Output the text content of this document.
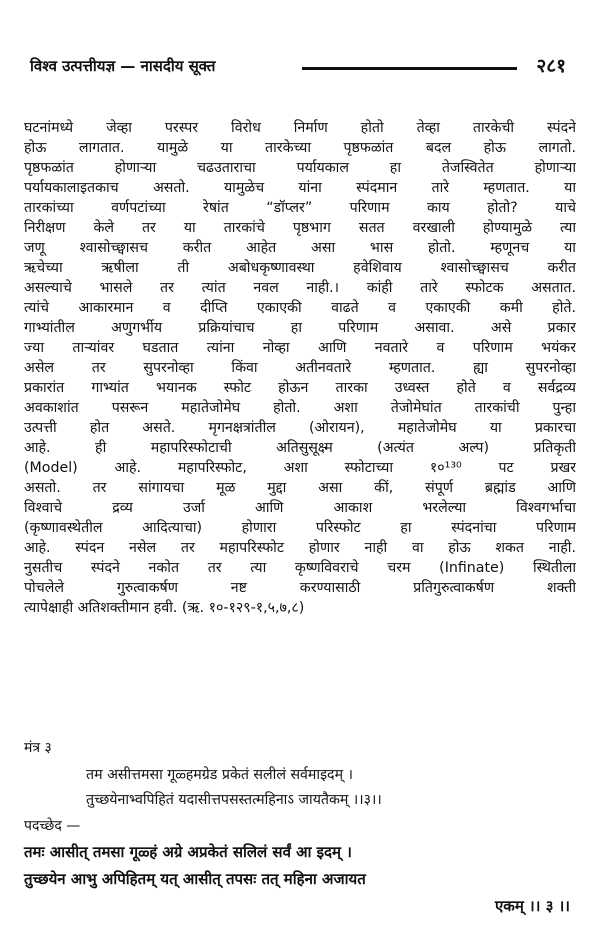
विश्व उत्पत्तीयज्ञ — नासदीय सूक्त	२८१
घटनांमध्ये जेव्हा परस्पर विरोध निर्माण होतो तेव्हा तारकेची स्पंदने
होऊ लागतात. यामुळे या तारकेच्या पृष्ठफळांत बदल होऊ लागतो.
पृष्ठफळांत होणाऱ्या चढउताराचा पर्यायकाल हा तेजस्वितेत होणाऱ्या
पर्यायकालाइतकाच असतो. यामुळेच यांना स्पंदमान तारे म्हणतात. या
तारकांच्या वर्णपटांच्या रेषांत “डॉप्लर” परिणाम काय होतो? याचे
निरीक्षण केले तर या तारकांचे पृष्ठभाग सतत वरखाली होण्यामुळे त्या
जणू श्वासोच्छ्वासच करीत आहेत असा भास होतो. म्हणूनच या
ऋचेच्या ऋषीला ती अबोधकृष्णावस्था हवेशिवाय श्वासोच्छ्वासच करीत
असल्याचे भासले तर त्यांत नवल नाही.। कांही तारे स्फोटक असतात.
त्यांचे आकारमान व दीप्ति एकाएकी वाढते व एकाएकी कमी होते.
गाभ्यांतील अणुगर्भीय प्रक्रियांचाच हा परिणाम असावा. असे प्रकार
ज्या ताऱ्यांवर घडतात त्यांना नोव्हा आणि नवतारे व परिणाम भयंकर
असेल तर सुपरनोव्हा किंवा अतीनवतारे म्हणतात. ह्या सुपरनोव्हा
प्रकारांत गाभ्यांत भयानक स्फोट होऊन तारका उध्वस्त होते व सर्वद्रव्य
अवकाशांत पसरून महातेजोमेघ होतो. अशा तेजोमेघांत तारकांची पुन्हा
उत्पत्ती होत असते. मृगनक्षत्रांतील (ओरायन), महातेजोमेघ या प्रकारचा
आहे. ही महापरिस्फोटाची अतिसुसूक्ष्म (अत्यंत अल्प) प्रतिकृती
(Model) आहे. महापरिस्फोट, अशा स्फोटाच्या १०¹³⁰ पट प्रखर
असतो. तर सांगायचा मूळ मुद्दा असा कीं, संपूर्ण ब्रह्मांड आणि
विश्वाचे द्रव्य उर्जा आणि आकाश भरलेल्या विश्वगर्भाचा
(कृष्णावस्थेतील आदित्याचा) होणारा परिस्फोट हा स्पंदनांचा परिणाम
आहे. स्पंदन नसेल तर महापरिस्फोट होणार नाही वा होऊ शकत नाही.
नुसतीच स्पंदने नकोत तर त्या कृष्णविवराचे चरम (Infinate) स्थितीला
पोचलेले गुरुत्वाकर्षण नष्ट करण्यासाठी प्रतिगुरुत्वाकर्षण शक्ती
त्यापेक्षाही अतिशक्तीमान हवी. (ऋ. १०-१२९-१,५,७,८)
मंत्र ३
तम असीत्तमसा गूळ्हमग्रेड प्रकेतं सलीलं सर्वमाइदम् ।
तुच्छयेनाभ्वपिहितं यदासीत्तपसस्तत्महिनाऽ जायतैकम् ।।३।।
पदच्छेद —
तमः आसीत् तमसा गूळ्हं अग्रे अप्रकेतं सलिलं सर्वं आ इदम् ।
तुच्छयेन आभु अपिहितम् यत् आसीत् तपसः तत् महिना अजायत
एकम् ।। ३ ।।
